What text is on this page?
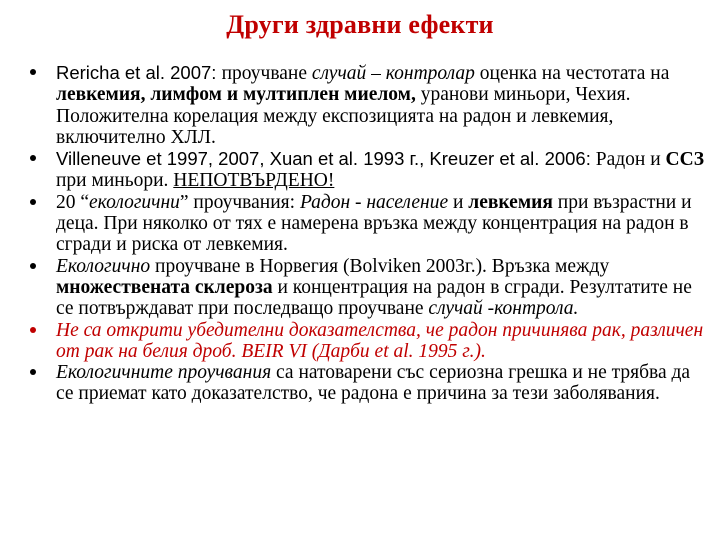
Други здравни ефекти
Rericha et al. 2007: проучване случай – контролар оценка на честотата на левкемия, лимфом и мултиплен миелом, уранови миньори, Чехия. Положителна корелация между експозицията на радон и левкемия, включително ХЛЛ.
Villeneuve et 1997, 2007, Xuan et al. 1993 г., Kreuzer et al. 2006: Радон и ССЗ при миньори. НЕПОТВЪРДЕНО!
20 “екологични” проучвания: Радон - население и левкемия при възрастни и деца. При няколко от тях е намерена връзка между концентрация на радон в сгради и риска от левкемия.
Екологично проучване в Норвегия (Bolviken 2003г.). Връзка между множествената склероза и концентрация на радон в сгради. Резултатите не се потвърждават при последващо проучване случай -контрола.
Не са открити убедителни доказателства, че радон причинява рак, различен от рак на белия дроб. BEIR VI (Дарби et al. 1995 г.).
Екологичните проучвания са натоварени със сериозна грешка и не трябва да се приемат като доказателство, че радона е причина за тези заболявания.
